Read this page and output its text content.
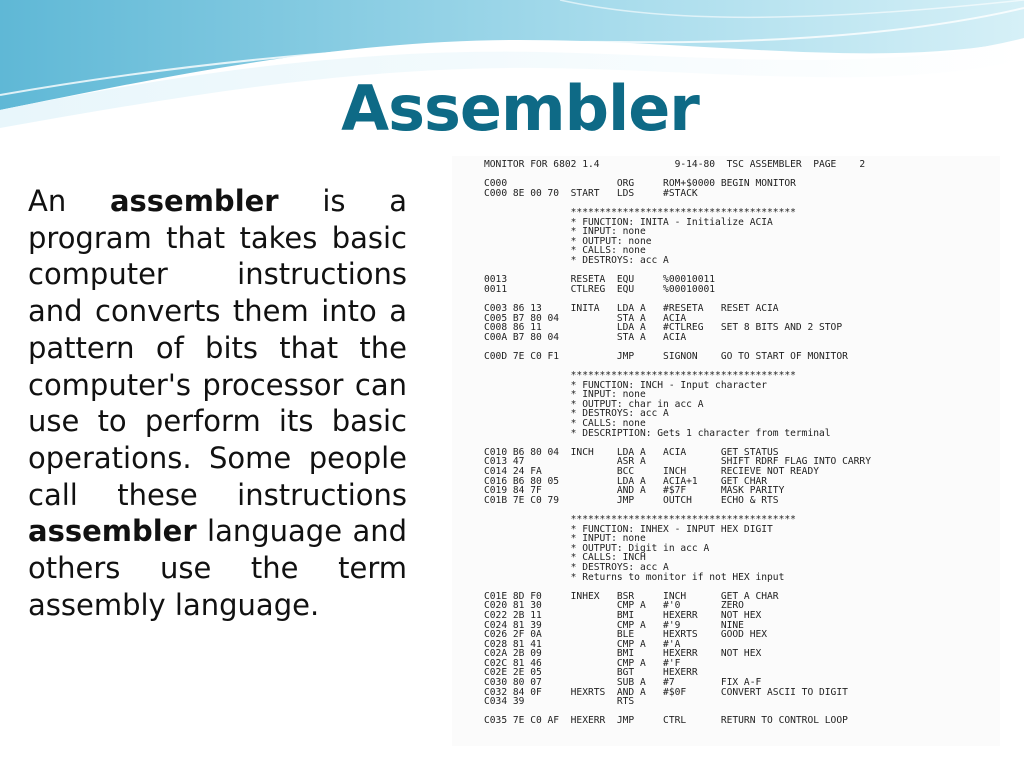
Assembler
An assembler is a program that takes basic computer instructions and converts them into a pattern of bits that the computer's processor can use to perform its basic operations. Some people call these instructions assembler language and others use the term assembly language.
MONITOR FOR 6802 1.4             9-14-80  TSC ASSEMBLER  PAGE    2

C000                   ORG     ROM+$0000 BEGIN MONITOR
C000 8E 00 70  START   LDS     #STACK

***************************************
* FUNCTION: INITA - Initialize ACIA
* INPUT: none
* OUTPUT: none
* CALLS: none
* DESTROYS: acc A

0013           RESETA  EQU     %00010011
0011           CTLREG  EQU     %00010001

C003 86 13     INITA   LDA A   #RESETA   RESET ACIA
C005 B7 80 04          STA A   ACIA
C008 86 11             LDA A   #CTLREG   SET 8 BITS AND 2 STOP
C00A B7 80 04          STA A   ACIA

C00D 7E C0 F1          JMP     SIGNON    GO TO START OF MONITOR

***************************************
* FUNCTION: INCH - Input character
* INPUT: none
* OUTPUT: char in acc A
* DESTROYS: acc A
* CALLS: none
* DESCRIPTION: Gets 1 character from terminal

C010 B6 80 04  INCH    LDA A   ACIA      GET STATUS
C013 47                ASR A             SHIFT RDRF FLAG INTO CARRY
C014 24 FA             BCC     INCH      RECIEVE NOT READY
C016 B6 80 05          LDA A   ACIA+1    GET CHAR
C019 84 7F             AND A   #$7F      MASK PARITY
C01B 7E C0 79          JMP     OUTCH     ECHO & RTS

***************************************
* FUNCTION: INHEX - INPUT HEX DIGIT
* INPUT: none
* OUTPUT: Digit in acc A
* CALLS: INCH
* DESTROYS: acc A
* Returns to monitor if not HEX input

C01E 8D F0     INHEX   BSR     INCH      GET A CHAR
C020 81 30             CMP A   #'0       ZERO
C022 2B 11             BMI     HEXERR    NOT HEX
C024 81 39             CMP A   #'9       NINE
C026 2F 0A             BLE     HEXRTS    GOOD HEX
C028 81 41             CMP A   #'A
C02A 2B 09             BMI     HEXERR    NOT HEX
C02C 81 46             CMP A   #'F
C02E 2E 05             BGT     HEXERR
C030 80 07             SUB A   #7        FIX A-F
C032 84 0F     HEXRTS  AND A   #$0F      CONVERT ASCII TO DIGIT
C034 39                RTS

C035 7E C0 AF  HEXERR  JMP     CTRL      RETURN TO CONTROL LOOP
